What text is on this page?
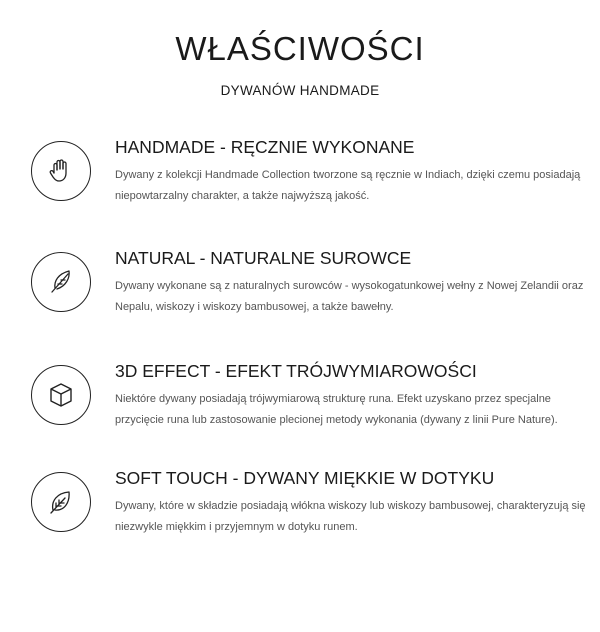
WŁAŚCIWOŚCI
DYWANÓW HANDMADE
HANDMADE - RĘCZNIE WYKONANE
Dywany z kolekcji Handmade Collection tworzone są ręcznie w Indiach, dzięki czemu posiadają niepowtarzalny charakter, a także najwyższą jakość.
NATURAL - NATURALNE SUROWCE
Dywany wykonane są z naturalnych surowców - wysokogatunkowej wełny z Nowej Zelandii oraz Nepalu, wiskozy i wiskozy bambusowej, a także bawełny.
3D EFFECT - EFEKT TRÓJWYMIAROWOŚCI
Niektóre dywany posiadają trójwymiarową strukturę runa. Efekt uzyskano przez specjalne przycięcie runa lub zastosowanie plecionej metody wykonania (dywany z linii Pure Nature).
SOFT TOUCH - DYWANY MIĘKKIE W DOTYKU
Dywany, które w składzie posiadają włókna wiskozy lub wiskozy bambusowej, charakteryzują się niezwykle miękkim i przyjemnym w dotyku runem.
